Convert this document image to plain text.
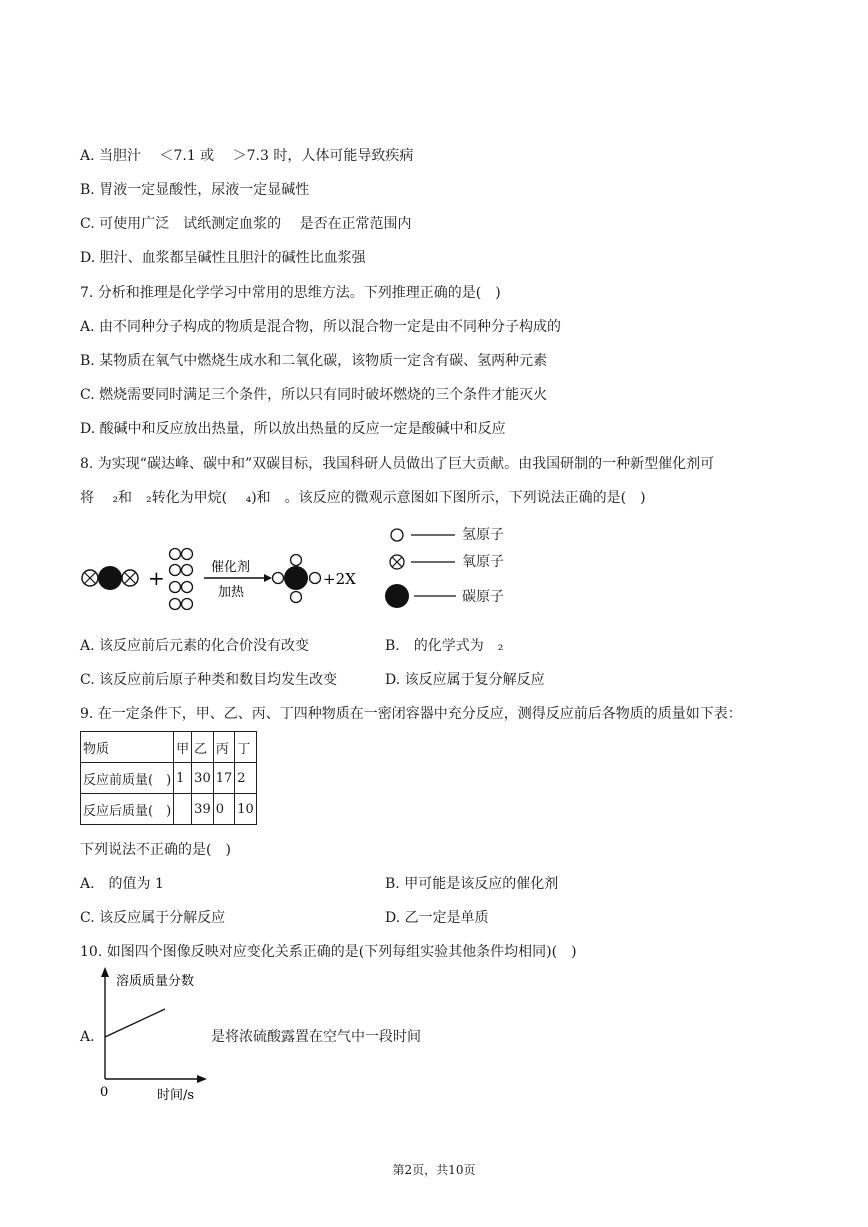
A. 当胆汁　 ＜7.1 或　 ＞7.3 时，人体可能导致疾病
B. 胃液一定显酸性，尿液一定显碱性
C. 可使用广泛　试纸测定血浆的　 是否在正常范围内
D. 胆汁、血浆都呈碱性且胆汁的碱性比血浆强
7. 分析和推理是化学学习中常用的思维方法。下列推理正确的是(　)
A. 由不同种分子构成的物质是混合物，所以混合物一定是由不同种分子构成的
B. 某物质在氧气中燃烧生成水和二氧化碳，该物质一定含有碳、氢两种元素
C. 燃烧需要同时满足三个条件，所以只有同时破坏燃烧的三个条件才能灭火
D. 酸碱中和反应放出热量，所以放出热量的反应一定是酸碱中和反应
8. 为实现“碳达峰、碳中和”双碳目标，我国科研人员做出了巨大贡献。由我国研制的一种新型催化剂可
将　 ₂和　₂转化为甲烷(　 ₄)和　。该反应的微观示意图如下图所示，下列说法正确的是(　)
+	催化剂
加热
+2X
氢原子
氧原子
碳原子
A. 该反应前后元素的化合价没有改变	B.　的化学式为　₂
C. 该反应前后原子种类和数目均发生改变	D. 该反应属于复分解反应
9. 在一定条件下，甲、乙、丙、丁四种物质在一密闭容器中充分反应，测得反应前后各物质的质量如下表：
物质	甲	乙	丙	丁
反应前质量(　)	1	30	17	2
反应后质量(　)		39	0	10
下列说法不正确的是(　)
A.　的值为 1	B. 甲可能是该反应的催化剂
C. 该反应属于分解反应	D. 乙一定是单质
10. 如图四个图像反映对应变化关系正确的是(下列每组实验其他条件均相同)(　)
A.
溶质质量分数
0	时间/s
是将浓硫酸露置在空气中一段时间
第2页，共10页
